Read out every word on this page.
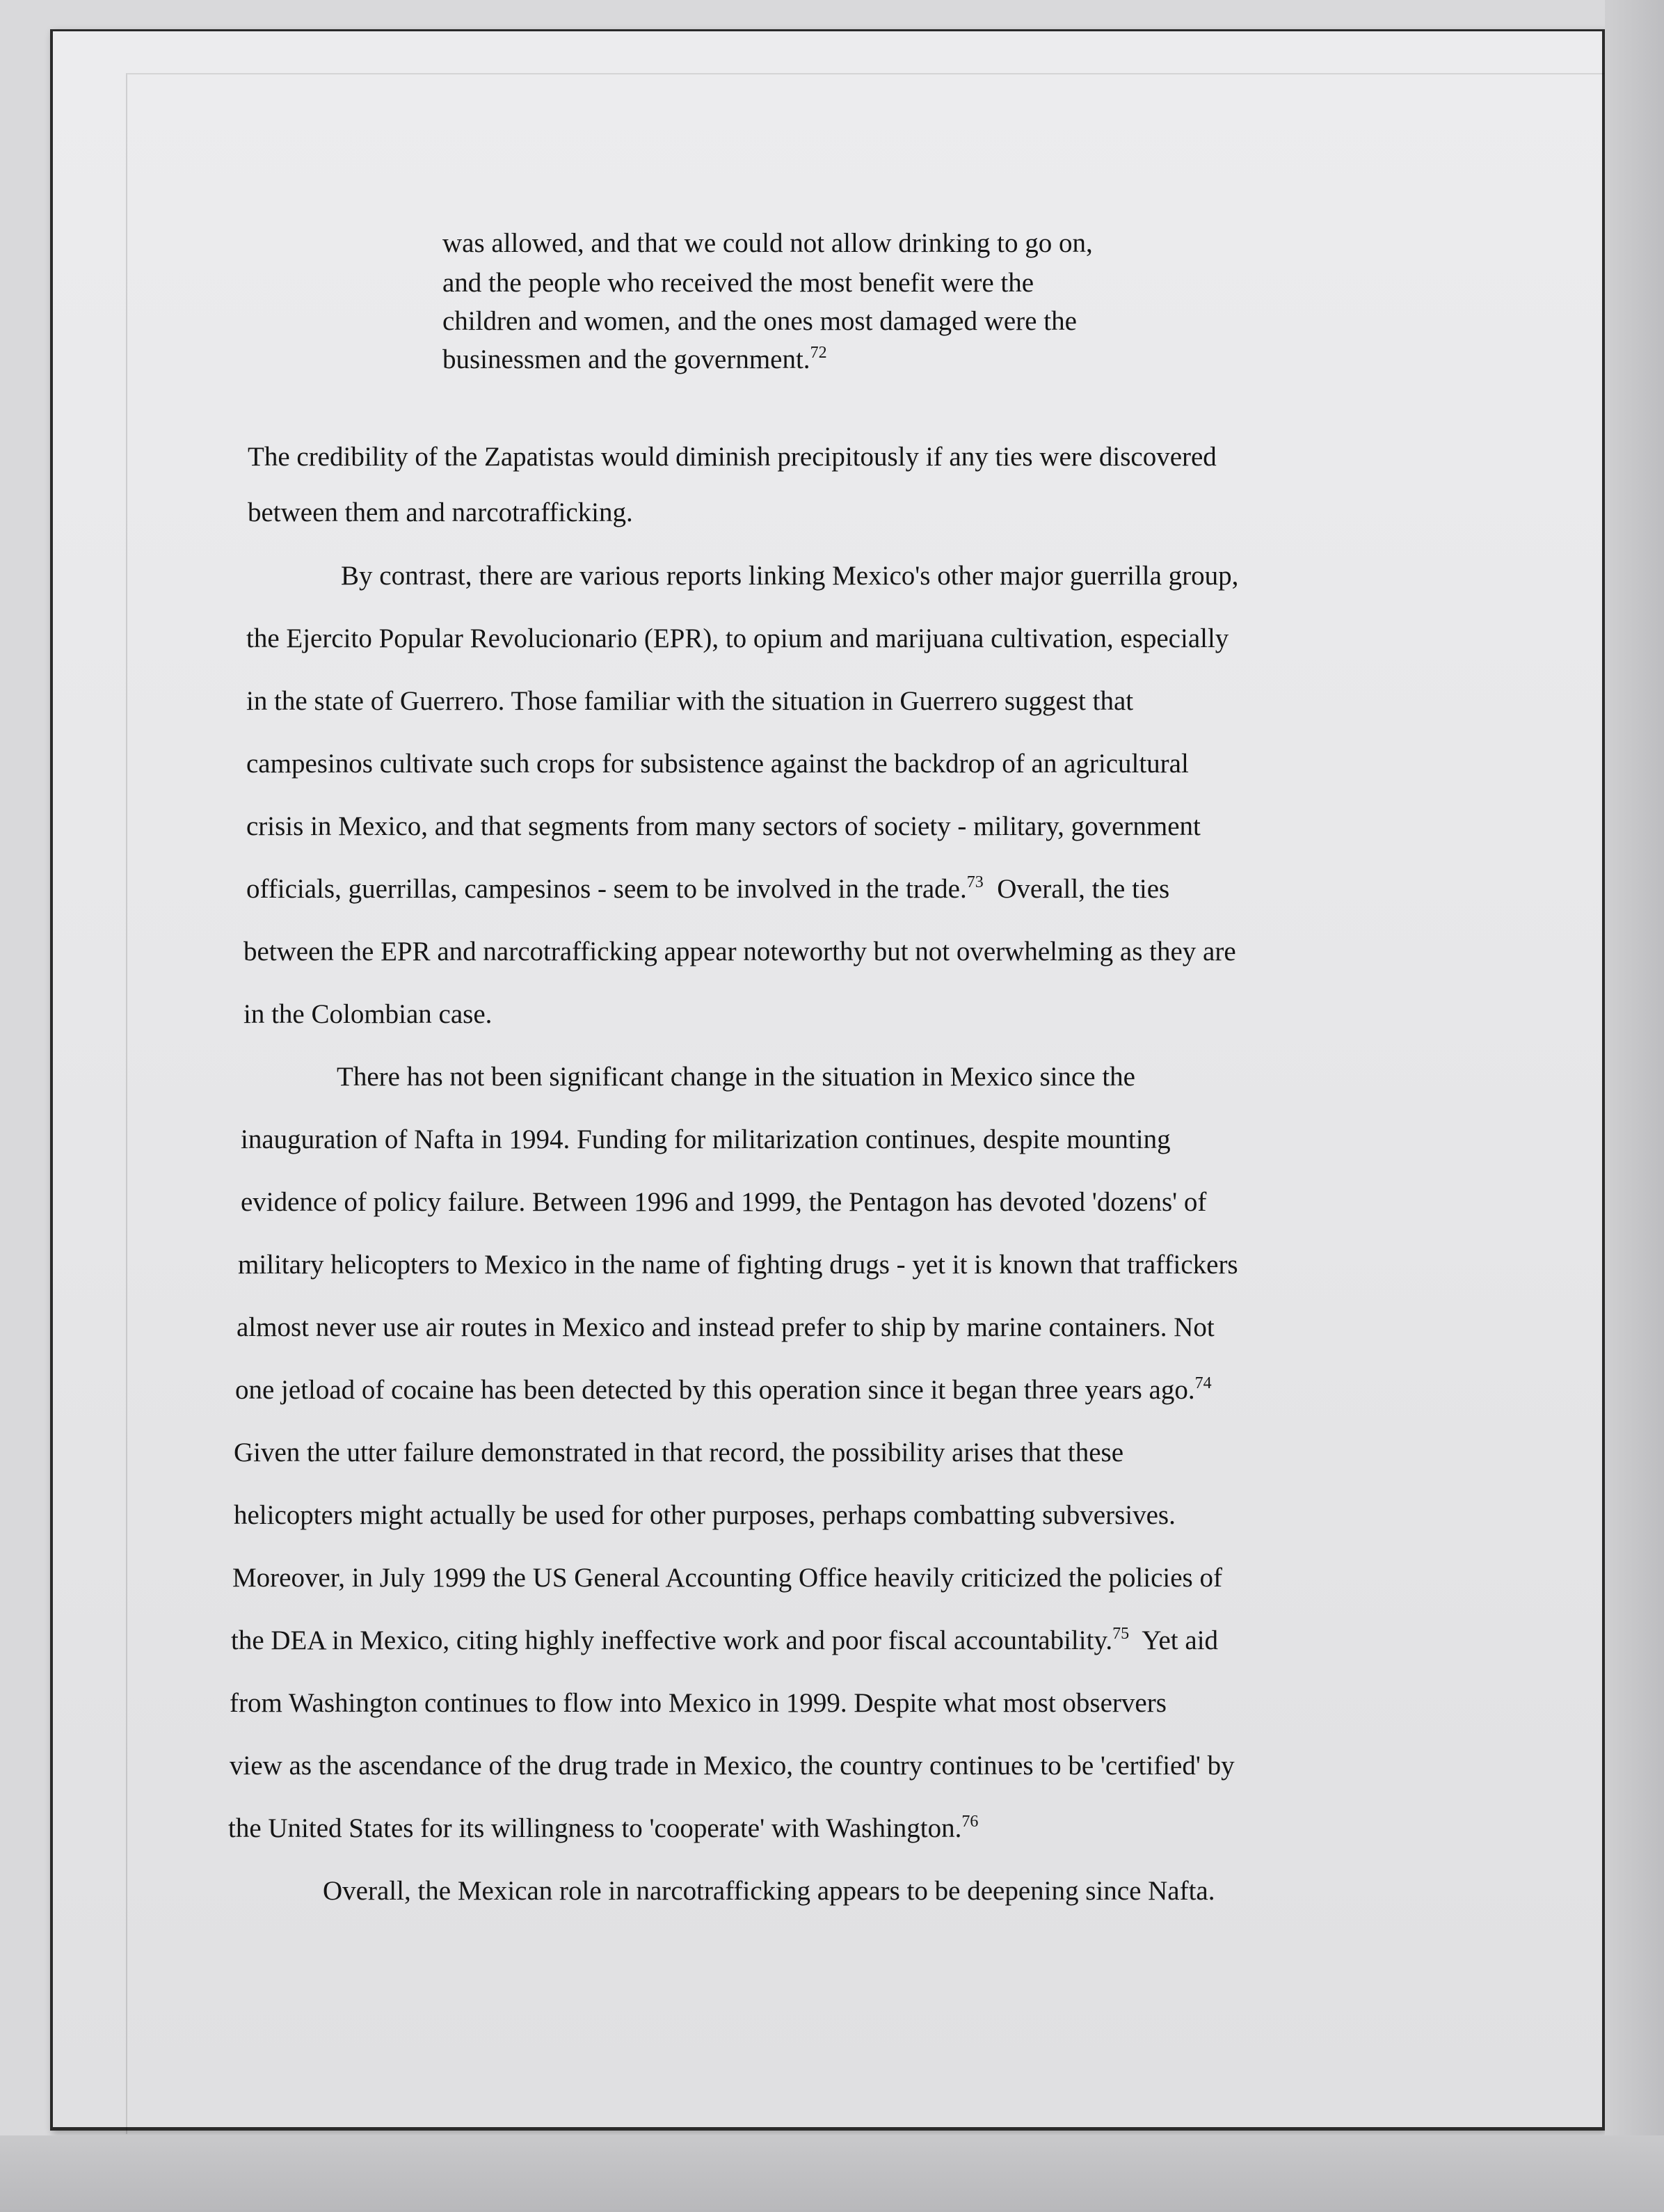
was allowed, and that we could not allow drinking to go on,
and the people who received the most benefit were the
children and women, and the ones most damaged were the
businessmen and the government.$^{72}$
The credibility of the Zapatistas would diminish precipitously if any ties were discovered
between them and narcotrafficking.
By contrast, there are various reports linking Mexico's other major guerrilla group,
the Ejercito Popular Revolucionario (EPR), to opium and marijuana cultivation, especially
in the state of Guerrero. Those familiar with the situation in Guerrero suggest that
campesinos cultivate such crops for subsistence against the backdrop of an agricultural
crisis in Mexico, and that segments from many sectors of society - military, government
officials, guerrillas, campesinos - seem to be involved in the trade.$^{73}$  Overall, the ties
between the EPR and narcotrafficking appear noteworthy but not overwhelming as they are
in the Colombian case.
There has not been significant change in the situation in Mexico since the
inauguration of Nafta in 1994. Funding for militarization continues, despite mounting
evidence of policy failure. Between 1996 and 1999, the Pentagon has devoted 'dozens' of
military helicopters to Mexico in the name of fighting drugs - yet it is known that traffickers
almost never use air routes in Mexico and instead prefer to ship by marine containers. Not
one jetload of cocaine has been detected by this operation since it began three years ago.$^{74}$
Given the utter failure demonstrated in that record, the possibility arises that these
helicopters might actually be used for other purposes, perhaps combatting subversives.
Moreover, in July 1999 the US General Accounting Office heavily criticized the policies of
the DEA in Mexico, citing highly ineffective work and poor fiscal accountability.$^{75}$  Yet aid
from Washington continues to flow into Mexico in 1999. Despite what most observers
view as the ascendance of the drug trade in Mexico, the country continues to be 'certified' by
the United States for its willingness to 'cooperate' with Washington.$^{76}$
Overall, the Mexican role in narcotrafficking appears to be deepening since Nafta.
